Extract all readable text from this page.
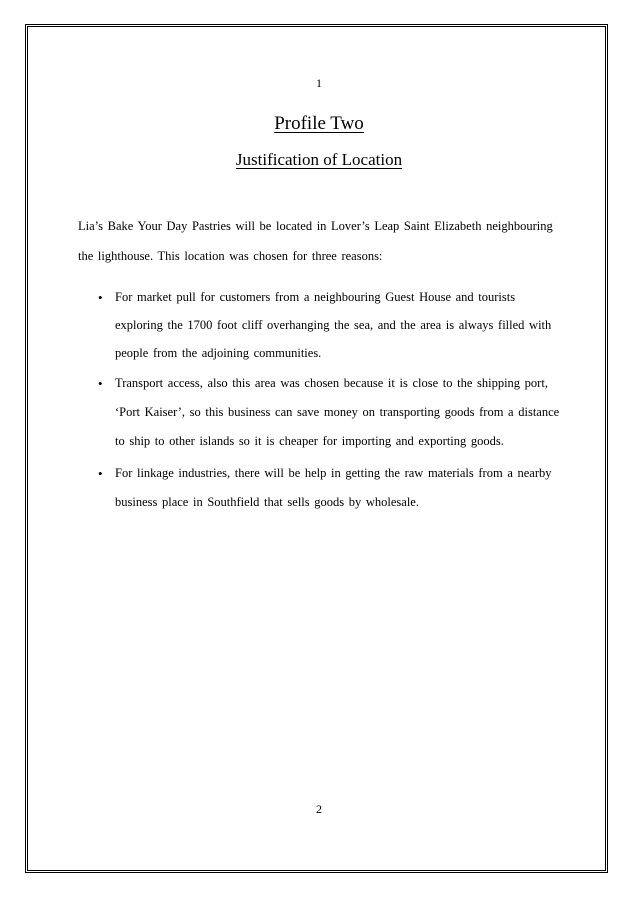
1
Profile Two
Justification of Location
Lia’s Bake Your Day Pastries will be located in Lover’s Leap Saint Elizabeth neighbouring
the lighthouse. This location was chosen for three reasons:
• For market pull for customers from a neighbouring Guest House and tourists
exploring the 1700 foot cliff overhanging the sea, and the area is always filled with
people from the adjoining communities.
• Transport access, also this area was chosen because it is close to the shipping port,
‘Port Kaiser’, so this business can save money on transporting goods from a distance
to ship to other islands so it is cheaper for importing and exporting goods.
• For linkage industries, there will be help in getting the raw materials from a nearby
business place in Southfield that sells goods by wholesale.
2
